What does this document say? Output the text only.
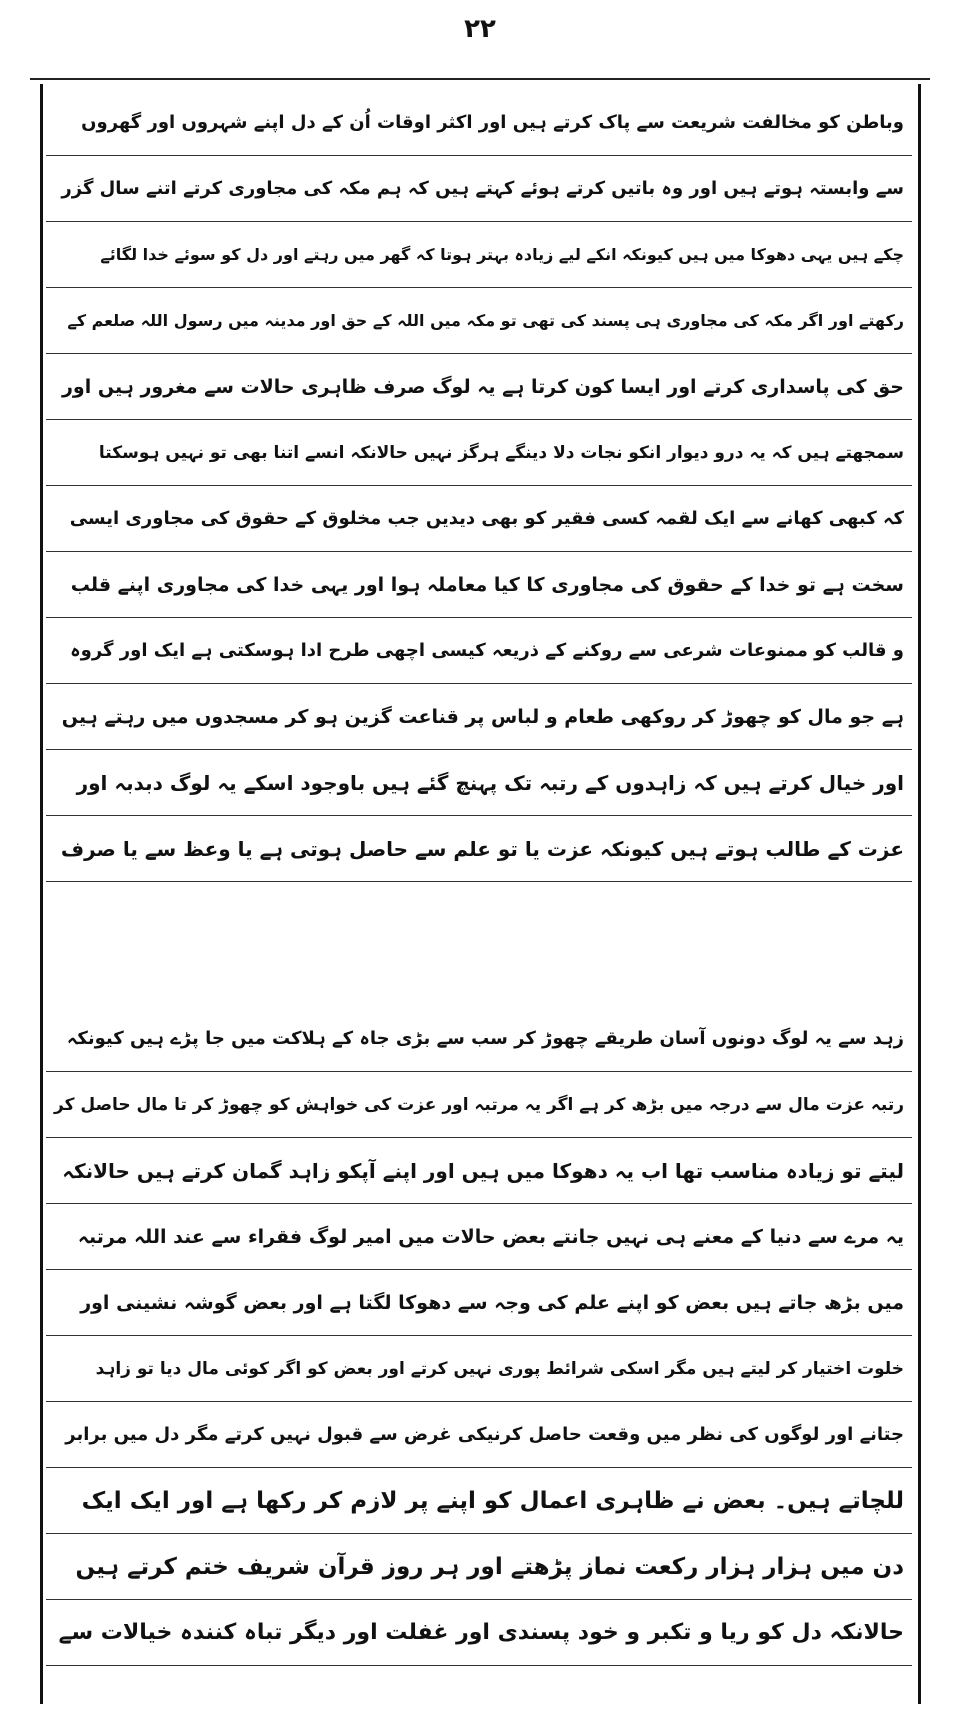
۲۲
وباطن کو مخالفت شریعت سے پاک کرتے ہیں اور اکثر اوقات اُن کے دل اپنے شہروں اور گھروں
سے وابستہ ہوتے ہیں اور وہ باتیں کرتے ہوئے کہتے ہیں کہ ہم مکہ کی مجاوری کرتے اتنے سال گزر
چکے ہیں یہی دھوکا میں ہیں کیونکہ انکے لیے زیادہ بہتر ہوتا کہ گھر میں رہتے اور دل کو سوئے خدا لگائے
رکھتے اور اگر مکہ کی مجاوری ہی پسند کی تھی تو مکہ میں اللہ کے حق اور مدینہ میں رسول اللہ صلعم کے
حق کی پاسداری کرتے اور ایسا کون کرتا ہے یہ لوگ صرف ظاہری حالات سے مغرور ہیں اور
سمجھتے ہیں کہ یہ درو دیوار انکو نجات دلا دینگے ہرگز نہیں حالانکہ انسے اتنا بھی تو نہیں ہوسکتا
کہ کبھی کھانے سے ایک لقمہ کسی فقیر کو بھی دیدیں جب مخلوق کے حقوق کی مجاوری ایسی
سخت ہے تو خدا کے حقوق کی مجاوری کا کیا معاملہ ہوا اور یہی خدا کی مجاوری اپنے قلب
و قالب کو ممنوعات شرعی سے روکنے کے ذریعہ کیسی اچھی طرح ادا ہوسکتی ہے ایک اور گروہ
ہے جو مال کو چھوڑ کر روکھی طعام و لباس پر قناعت گزین ہو کر مسجدوں میں رہتے ہیں
اور خیال کرتے ہیں کہ زاہدوں کے رتبہ تک پہنچ گئے ہیں باوجود اسکے یہ لوگ دبدبہ اور
عزت کے طالب ہوتے ہیں کیونکہ عزت یا تو علم سے حاصل ہوتی ہے یا وعظ سے یا صرف
زہد سے یہ لوگ دونوں آسان طریقے چھوڑ کر سب سے بڑی جاہ کے ہلاکت میں جا پڑے ہیں کیونکہ
رتبہ عزت مال سے درجہ میں بڑھ کر ہے اگر یہ مرتبہ اور عزت کی خواہش کو چھوڑ کر تا مال حاصل کر
لیتے تو زیادہ مناسب تھا اب یہ دھوکا میں ہیں اور اپنے آپکو زاہد گمان کرتے ہیں حالانکہ
یہ مرے سے دنیا کے معنے ہی نہیں جانتے بعض حالات میں امیر لوگ فقراء سے عند اللہ مرتبہ
میں بڑھ جاتے ہیں بعض کو اپنے علم کی وجہ سے دھوکا لگتا ہے اور بعض گوشہ نشینی اور
خلوت اختیار کر لیتے ہیں مگر اسکی شرائط پوری نہیں کرتے اور بعض کو اگر کوئی مال دیا تو زاہد
جتانے اور لوگوں کی نظر میں وقعت حاصل کرنیکی غرض سے قبول نہیں کرتے مگر دل میں برابر
للچاتے ہیں۔ بعض نے ظاہری اعمال کو اپنے پر لازم کر رکھا ہے اور ایک ایک
دن میں ہزار ہزار رکعت نماز پڑھتے اور ہر روز قرآن شریف ختم کرتے ہیں
حالانکہ دل کو ریا و تکبر و خود پسندی اور غفلت اور دیگر تباہ کنندہ خیالات سے
